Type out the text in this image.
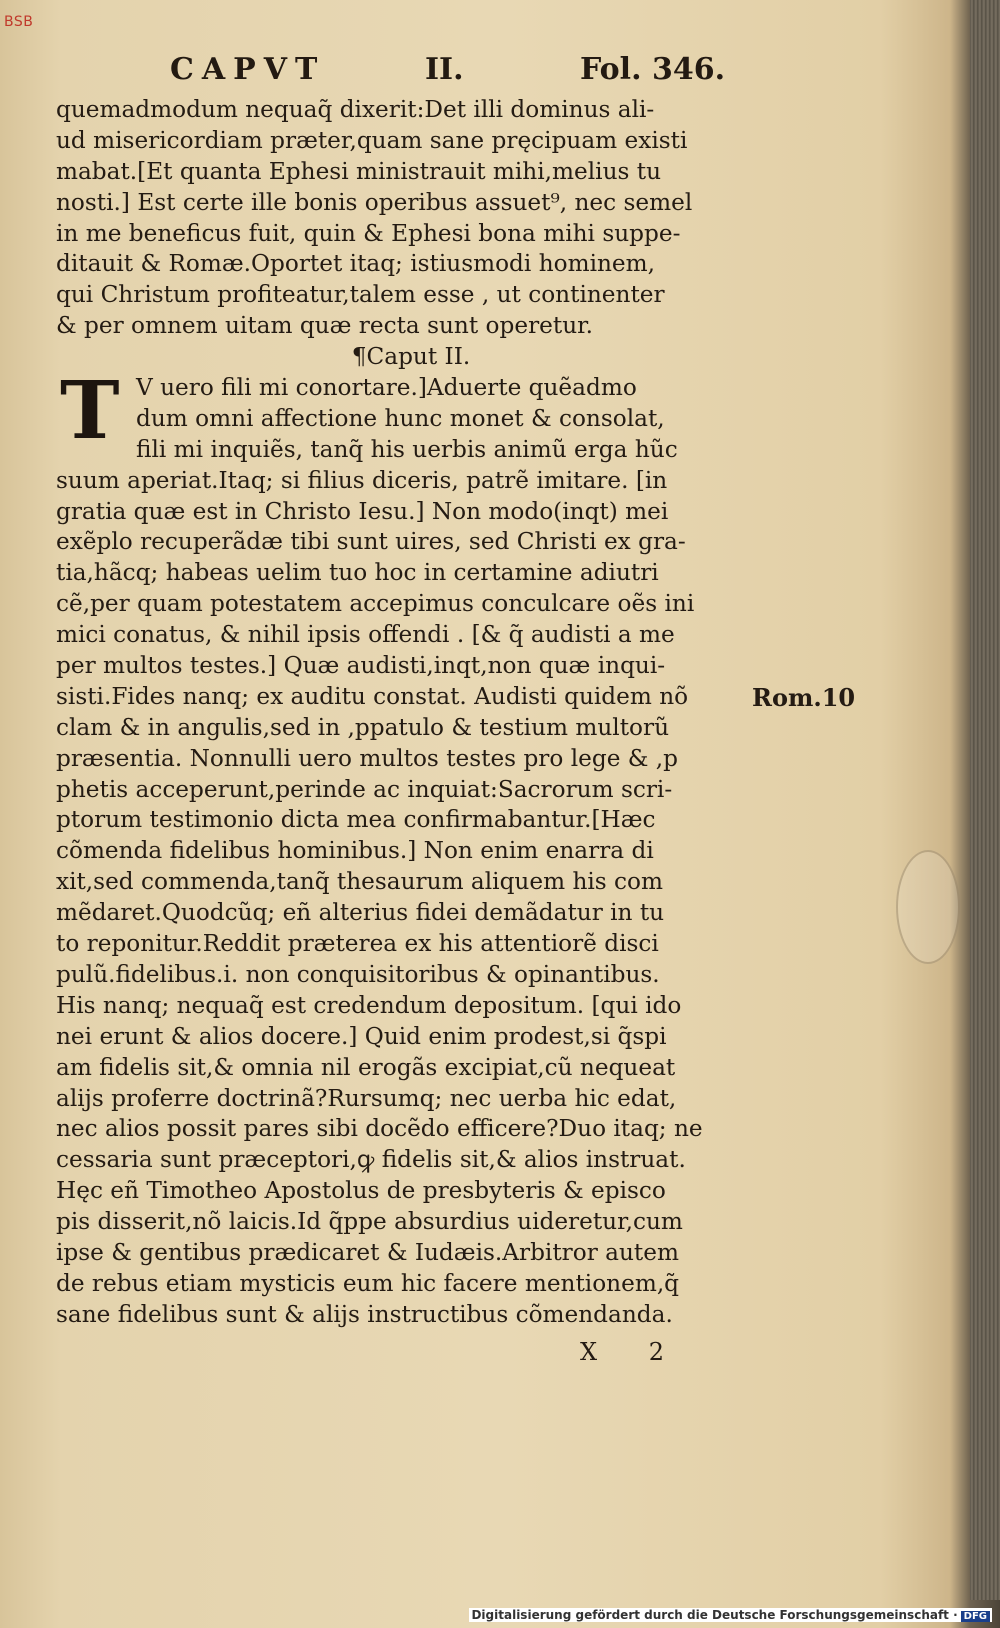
BSB
CAPVT	II.	Fol. 346.
T
quemadmodum nequaq̃ dixerit:Det illi dominus ali-
ud misericordiam præter,quam sane pręcipuam existi
mabat.[Et quanta Ephesi ministrauit mihi,melius tu
nosti.] Est certe ille bonis operibus assuet⁹, nec semel
in me beneficus fuit, quin & Ephesi bona mihi suppe-
ditauit & Romæ.Oportet itaq; istiusmodi hominem,
qui Christum profiteatur,talem esse , ut continenter
& per omnem uitam quæ recta sunt operetur.
¶Caput II.
V uero fili mi conortare.]Aduerte quẽadmo
dum omni affectione hunc monet & consolat,
fili mi inquiẽs, tanq̃ his uerbis animũ erga hũc
suum aperiat.Itaq; si filius diceris, patrẽ imitare. [in
gratia quæ est in Christo Iesu.] Non modo(inqt) mei
exẽplo recuperãdæ tibi sunt uires, sed Christi ex gra-
tia,hãcq; habeas uelim tuo hoc in certamine adiutri
cẽ,per quam potestatem accepimus conculcare oẽs ini
mici conatus, & nihil ipsis offendi . [& q̃ audisti a me
per multos testes.] Quæ audisti,inqt,non quæ inqui-
sisti.Fides nanq; ex auditu constat. Audisti quidem nõ
clam & in angulis,sed in ,ppatulo & testium multorũ
præsentia. Nonnulli uero multos testes pro lege & ,p
phetis acceperunt,perinde ac inquiat:Sacrorum scri-
ptorum testimonio dicta mea confirmabantur.[Hæc
cõmenda fidelibus hominibus.] Non enim enarra di
xit,sed commenda,tanq̃ thesaurum aliquem his com
mẽdaret.Quodcũq; eñ alterius fidei demãdatur in tu
to reponitur.Reddit præterea ex his attentiorẽ disci
pulũ.fidelibus.i. non conquisitoribus & opinantibus.
His nanq; nequaq̃ est credendum depositum. [qui ido
nei erunt & alios docere.] Quid enim prodest,si q̃spi
am fidelis sit,& omnia nil erogãs excipiat,cũ nequeat
alijs proferre doctrinã?Rursumq; nec uerba hic edat,
nec alios possit pares sibi docẽdo efficere?Duo itaq; ne
cessaria sunt præceptori,ꝙ fidelis sit,& alios instruat.
Hęc eñ Timotheo Apostolus de presbyteris & episco
pis disserit,nõ laicis.Id q̃ppe absurdius uideretur,cum
ipse & gentibus prædicaret & Iudæis.Arbitror autem
de rebus etiam mysticis eum hic facere mentionem,q̃
sane fidelibus sunt & alijs instructibus cõmendanda.
Rom.10
X 2
Digitalisierung gefördert durch die Deutsche Forschungsgemeinschaft · DFG
